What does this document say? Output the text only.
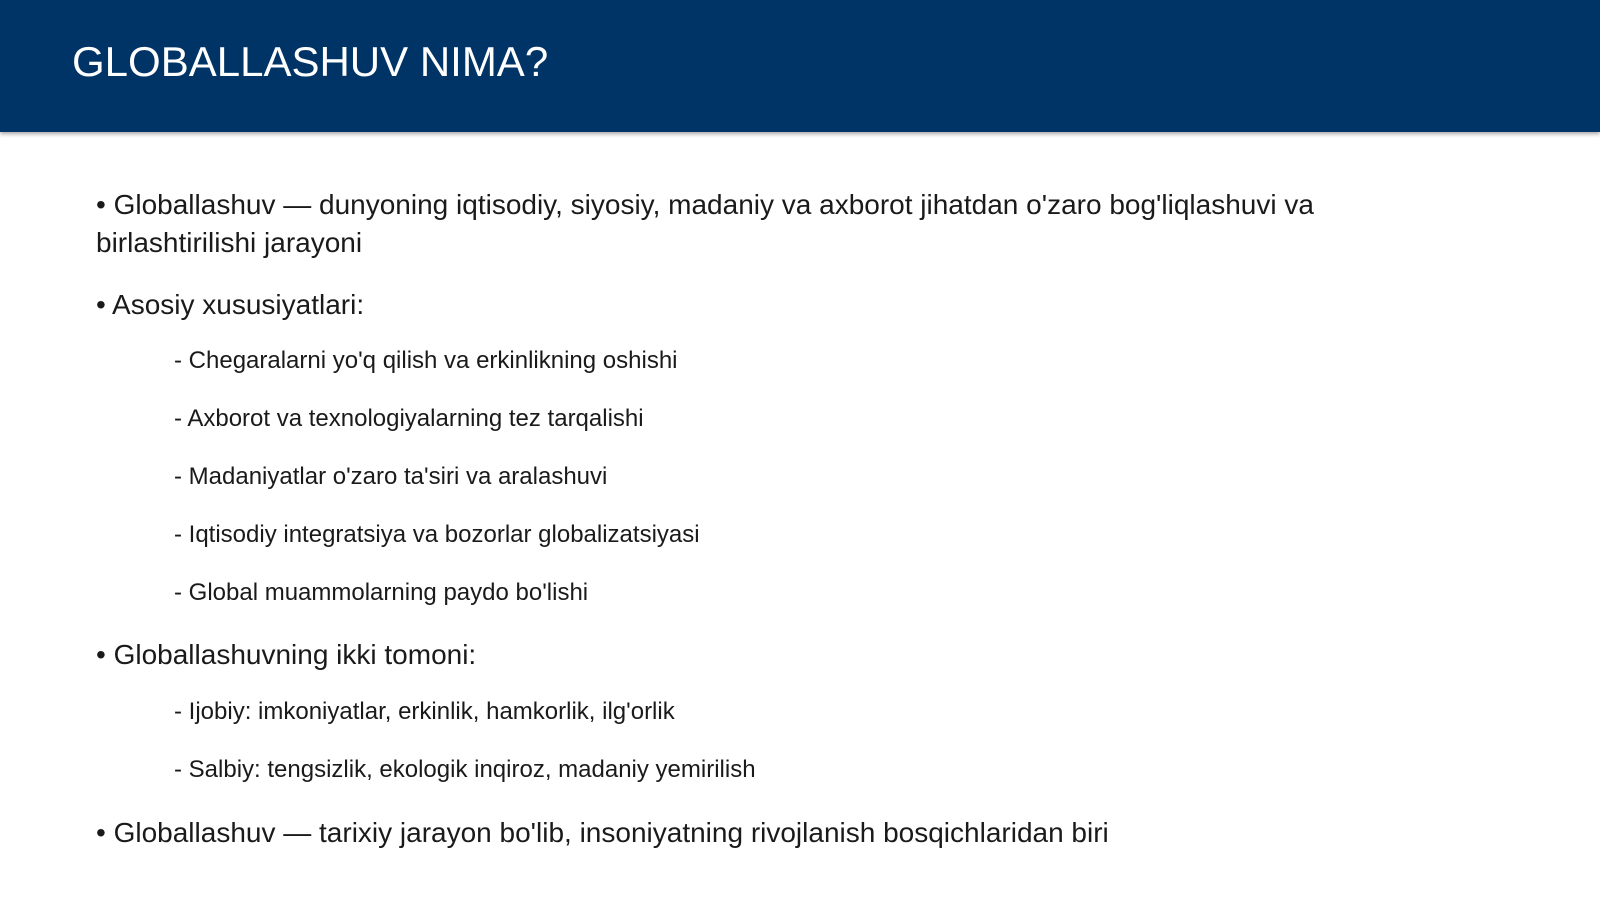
GLOBALLASHUV NIMA?

• Globallashuv — dunyoning iqtisodiy, siyosiy, madaniy va axborot jihatdan o'zaro bog'liqlashuvi va birlashtirilishi jarayoni

• Asosiy xususiyatlari:

- Chegaralarni yo'q qilish va erkinlikning oshishi

- Axborot va texnologiyalarning tez tarqalishi

- Madaniyatlar o'zaro ta'siri va aralashuvi

- Iqtisodiy integratsiya va bozorlar globalizatsiyasi

- Global muammolarning paydo bo'lishi

• Globallashuvning ikki tomoni:

- Ijobiy: imkoniyatlar, erkinlik, hamkorlik, ilg'orlik

- Salbiy: tengsizlik, ekologik inqiroz, madaniy yemirilish

• Globallashuv — tarixiy jarayon bo'lib, insoniyatning rivojlanish bosqichlaridan biri
